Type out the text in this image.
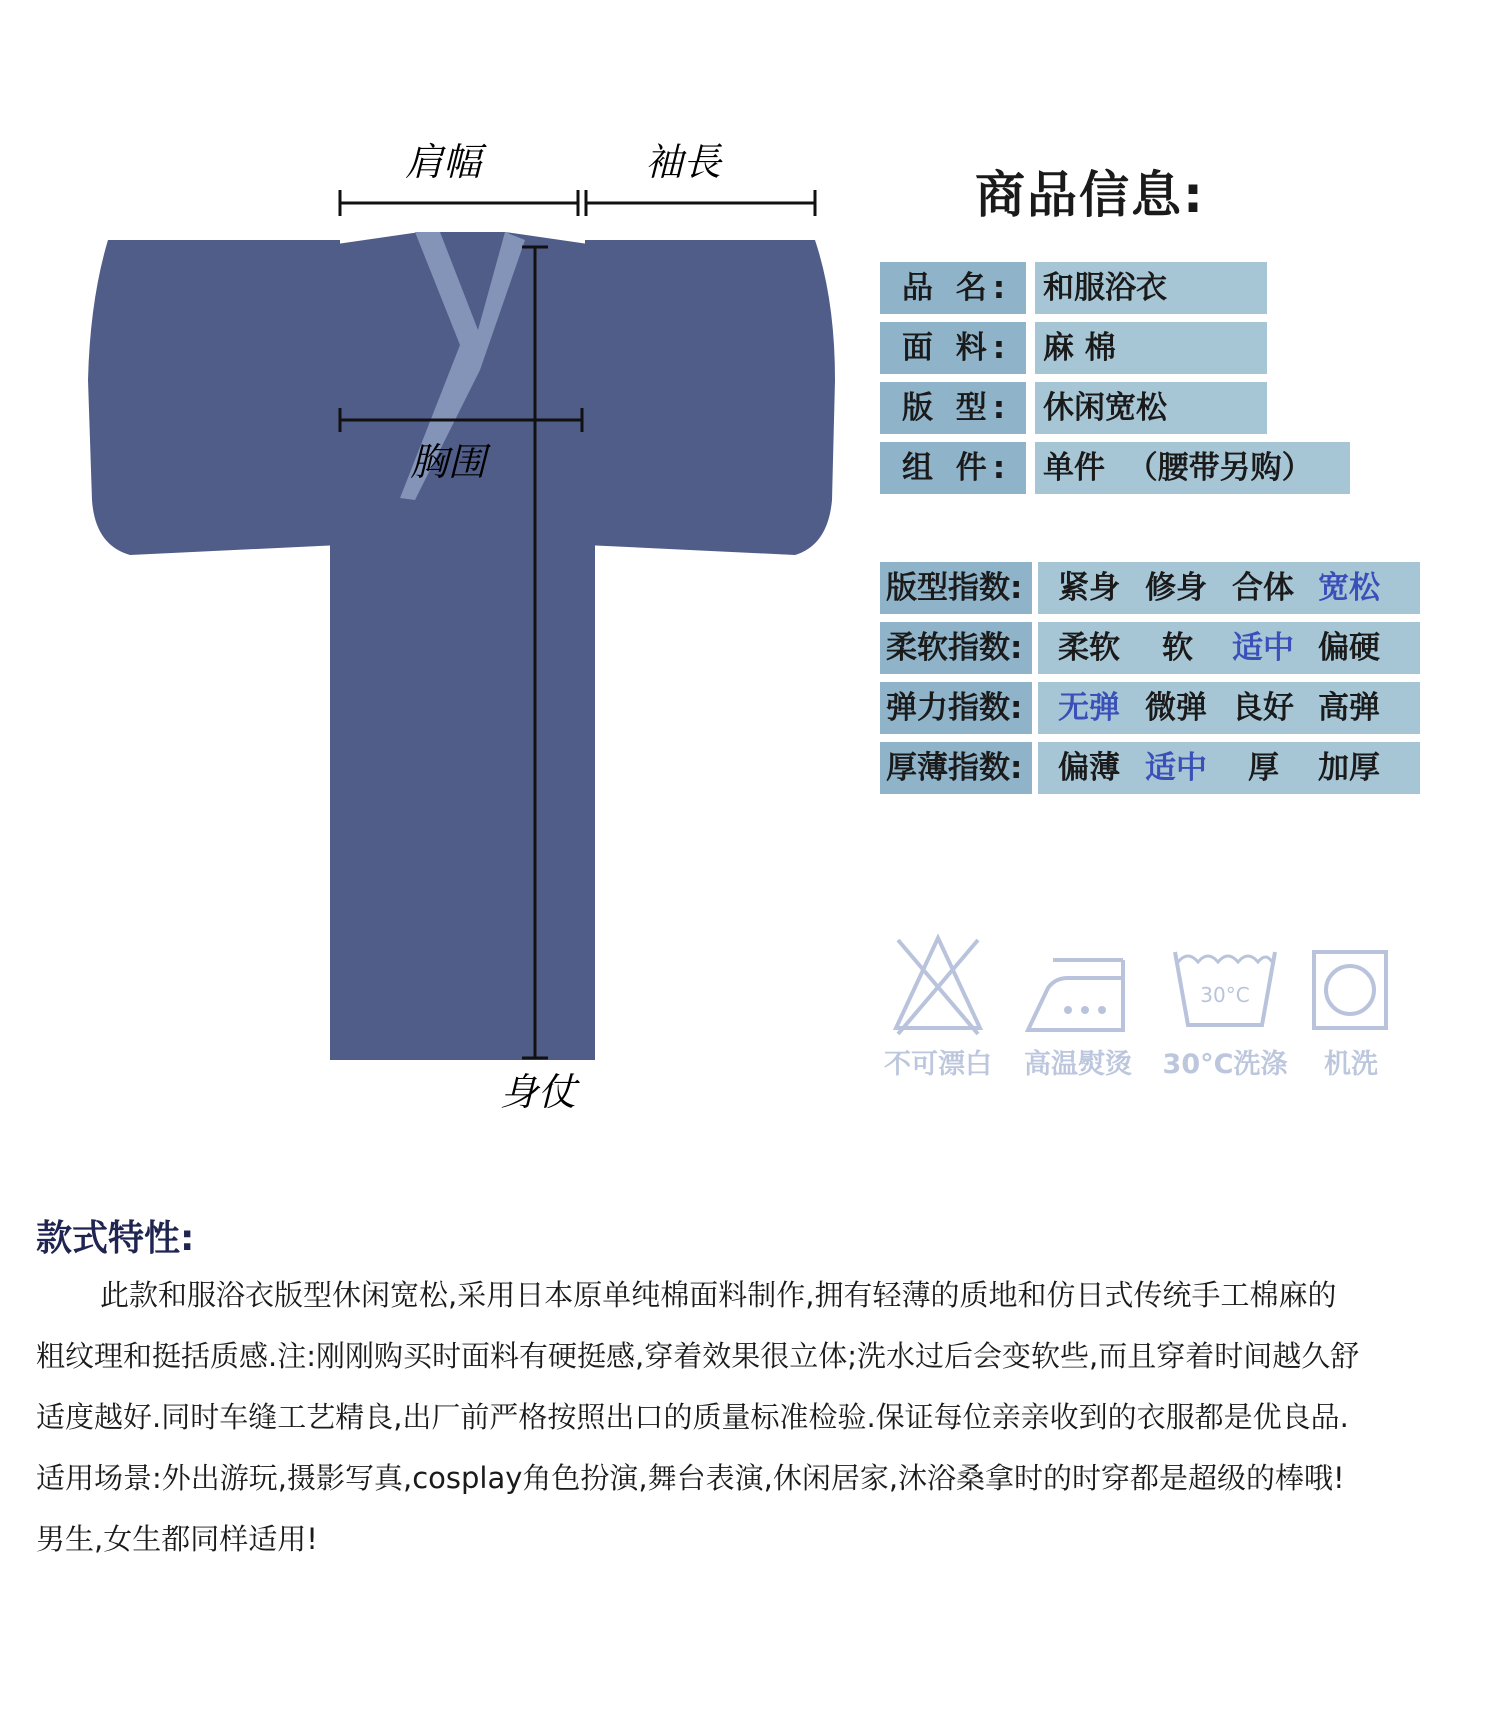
肩幅	袖長
胸围
身仗
商品信息:
品 名:	和服浴衣
面 料:	麻 棉
版 型:	休闲宽松
组 件:	单件  （腰带另购）
版型指数:	紧身 修身 合体 宽松
柔软指数:	柔软 软 适中 偏硬
弹力指数:	无弹 微弹 良好 高弹
厚薄指数:	偏薄 适中 厚 加厚
不可漂白	高温熨烫
30°C
30°C洗涤	机洗
款式特性:

此款和服浴衣版型休闲宽松,采用日本原单纯棉面料制作,拥有轻薄的质地和仿日式传统手工棉麻的

粗纹理和挺括质感.注:刚刚购买时面料有硬挺感,穿着效果很立体;洗水过后会变软些,而且穿着时间越久舒

适度越好.同时车缝工艺精良,出厂前严格按照出口的质量标准检验.保证每位亲亲收到的衣服都是优良品.

适用场景:外出游玩,摄影写真,cosplay角色扮演,舞台表演,休闲居家,沐浴桑拿时的时穿都是超级的棒哦!

男生,女生都同样适用!
